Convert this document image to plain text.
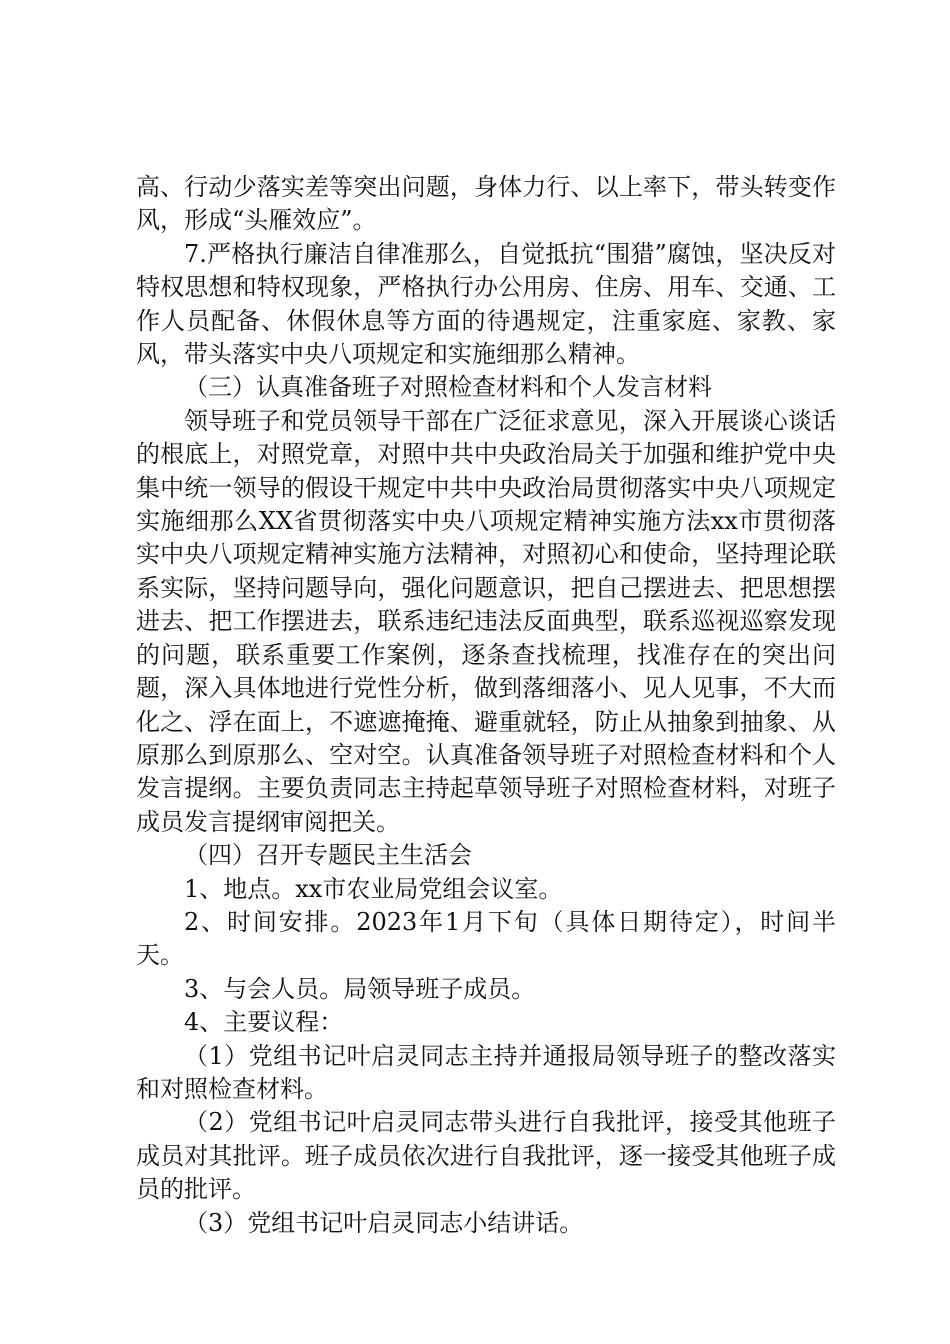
高、行动少落实差等突出问题，身体力行、以上率下，带头转变作风，形成“头雁效应”。

7.严格执行廉洁自律准那么，自觉抵抗“围猎”腐蚀，坚决反对特权思想和特权现象，严格执行办公用房、住房、用车、交通、工作人员配备、休假休息等方面的待遇规定，注重家庭、家教、家风，带头落实中央八项规定和实施细那么精神。

（三）认真准备班子对照检查材料和个人发言材料

领导班子和党员领导干部在广泛征求意见，深入开展谈心谈话的根底上，对照党章，对照中共中央政治局关于加强和维护党中央集中统一领导的假设干规定中共中央政治局贯彻落实中央八项规定实施细那么XX省贯彻落实中央八项规定精神实施方法xx市贯彻落实中央八项规定精神实施方法精神，对照初心和使命，坚持理论联系实际，坚持问题导向，强化问题意识，把自己摆进去、把思想摆进去、把工作摆进去，联系违纪违法反面典型，联系巡视巡察发现的问题，联系重要工作案例，逐条查找梳理，找准存在的突出问题，深入具体地进行党性分析，做到落细落小、见人见事，不大而化之、浮在面上，不遮遮掩掩、避重就轻，防止从抽象到抽象、从原那么到原那么、空对空。认真准备领导班子对照检查材料和个人发言提纲。主要负责同志主持起草领导班子对照检查材料，对班子成员发言提纲审阅把关。

（四）召开专题民主生活会

1、地点。xx市农业局党组会议室。

2、时间安排。2023年1月下旬（具体日期待定），时间半天。

3、与会人员。局领导班子成员。

4、主要议程：

（1）党组书记叶启灵同志主持并通报局领导班子的整改落实和对照检查材料。

（2）党组书记叶启灵同志带头进行自我批评，接受其他班子成员对其批评。班子成员依次进行自我批评，逐一接受其他班子成员的批评。

（3）党组书记叶启灵同志小结讲话。
